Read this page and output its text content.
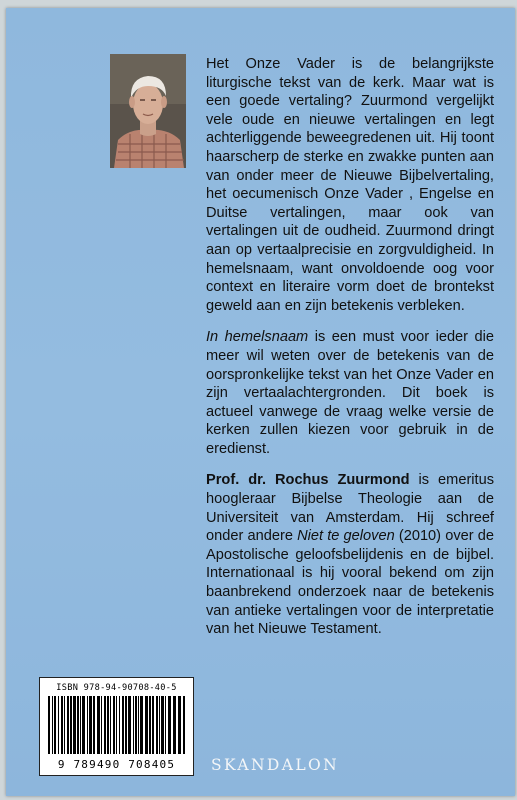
Het Onze Vader is de belangrijkste liturgische tekst van de kerk. Maar wat is een goede vertaling? Zuurmond vergelijkt vele oude en nieuwe vertalingen en legt achterliggende beweegredenen uit. Hij toont haarscherp de sterke en zwakke punten aan van onder meer de Nieuwe Bijbelvertaling, het oecumenisch Onze Vader , Engelse en Duitse vertalingen, maar ook van vertalingen uit de oudheid. Zuurmond dringt aan op vertaalprecisie en zorgvuldigheid. In hemelsnaam, want onvoldoende oog voor context en literaire vorm doet de brontekst geweld aan en zijn betekenis verbleken.

In hemelsnaam is een must voor ieder die meer wil weten over de betekenis van de oorspronkelijke tekst van het Onze Vader en zijn vertaalachtergronden. Dit boek is actueel vanwege de vraag welke versie de kerken zullen kiezen voor gebruik in de eredienst.

Prof. dr. Rochus Zuurmond is emeritus hoogleraar Bijbelse Theologie aan de Universiteit van Amsterdam. Hij schreef onder andere Niet te geloven (2010) over de Apostolische geloofsbelijdenis en de bijbel. Internationaal is hij vooral bekend om zijn baanbrekend onderzoek naar de betekenis van antieke vertalingen voor de interpretatie van het Nieuwe Testament.

ISBN 978-94-90708-40-5
9 789490 708405	SKANDALON
